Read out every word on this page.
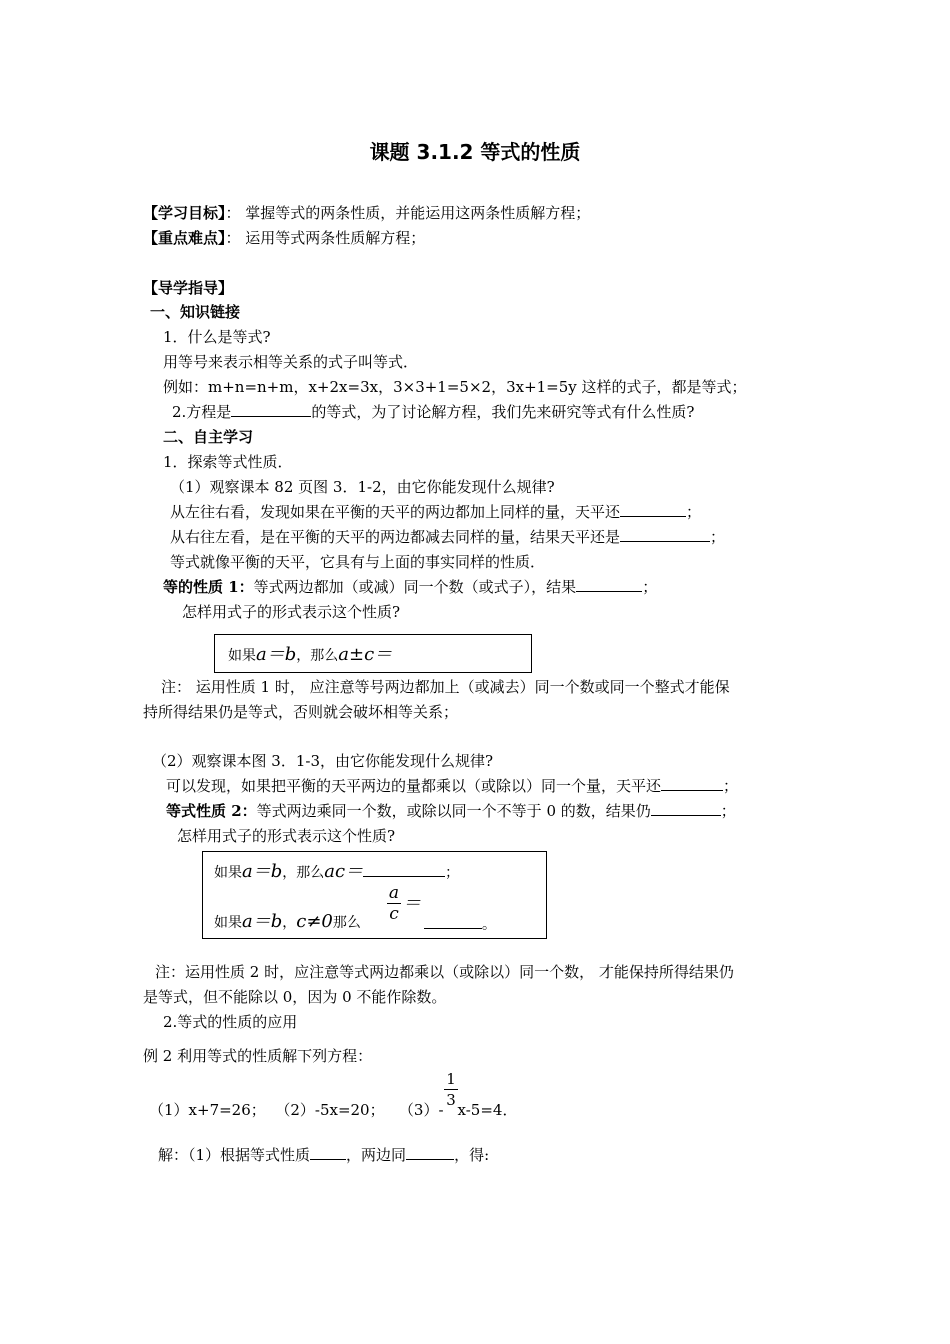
课题 3.1.2 等式的性质
【学习目标】： 掌握等式的两条性质，并能运用这两条性质解方程；
【重点难点】： 运用等式两条性质解方程；
【导学指导】
一、知识链接
1．什么是等式?
用等号来表示相等关系的式子叫等式．
例如：m+n=n+m，x+2x=3x，3×3+1=5×2，3x+1=5y 这样的式子，都是等式；
2.方程是	的等式，为了讨论解方程，我们先来研究等式有什么性质?
二、自主学习
1．探索等式性质．
（1）观察课本 82 页图 3．1-2，由它你能发现什么规律?
从左往右看，发现如果在平衡的天平的两边都加上同样的量，天平还	；
从右往左看，是在平衡的天平的两边都减去同样的量，结果天平还是	；
等式就像平衡的天平，它具有与上面的事实同样的性质．
等的性质 1：等式两边都加（或减）同一个数（或式子），结果	；
怎样用式子的形式表示这个性质?
如果a＝b，那么a±c＝
注： 运用性质 1 时， 应注意等号两边都加上（或减去）同一个数或同一个整式才能保
持所得结果仍是等式，否则就会破坏相等关系；
（2）观察课本图 3．1-3，由它你能发现什么规律?
可以发现，如果把平衡的天平两边的量都乘以（或除以）同一个量，天平还	；
等式性质 2：等式两边乘同一个数，或除以同一个不等于 0 的数，结果仍	；
怎样用式子的形式表示这个性质?
如果a＝b，那么ac＝	；
如果a＝b，c≠0那么
a
c ＝
。
注：运用性质 2 时，应注意等式两边都乘以（或除以）同一个数， 才能保持所得结果仍
是等式，但不能除以 0，因为 0 不能作除数。
2.等式的性质的应用
例 2 利用等式的性质解下列方程：
（1）x+7=26； （2）-5x=20； （3）- x-5=4．
1
3
解：（1）根据等式性质 ，两边同	，得:
